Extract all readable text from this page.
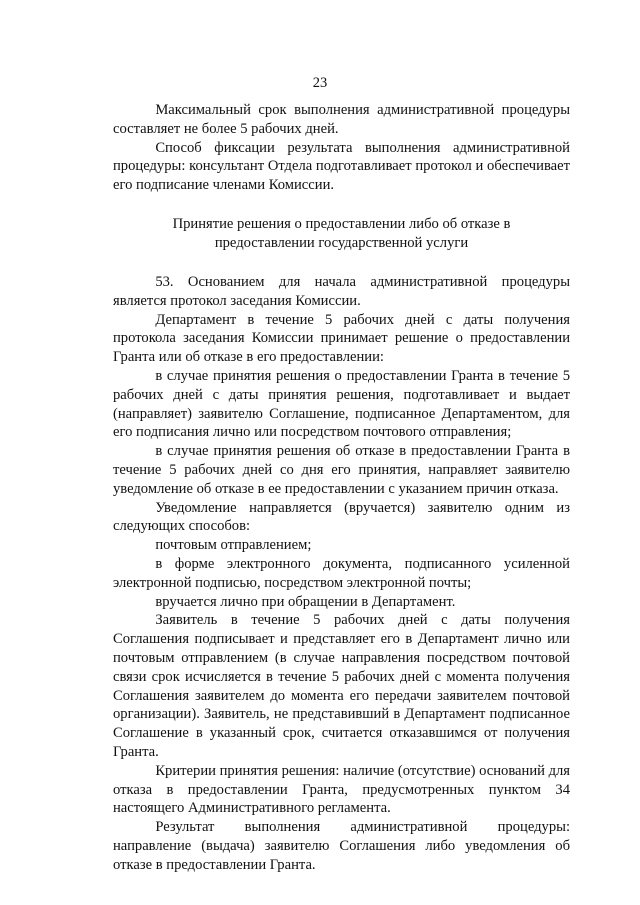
23

Максимальный срок выполнения административной процедуры составляет не более 5 рабочих дней.

Способ фиксации результата выполнения административной процедуры: консультант Отдела подготавливает протокол и обеспечивает его подписание членами Комиссии.

Принятие решения о предоставлении либо об отказе в
предоставлении государственной услуги

53. Основанием для начала административной процедуры является протокол заседания Комиссии.

Департамент в течение 5 рабочих дней с даты получения протокола заседания Комиссии принимает решение о предоставлении Гранта или об отказе в его предоставлении:

в случае принятия решения о предоставлении Гранта в течение 5 рабочих дней с даты принятия решения, подготавливает и выдает (направляет) заявителю Соглашение, подписанное Департаментом, для его подписания лично или посредством почтового отправления;

в случае принятия решения об отказе в предоставлении Гранта в течение 5 рабочих дней со дня его принятия, направляет заявителю уведомление об отказе в ее предоставлении с указанием причин отказа.

Уведомление направляется (вручается) заявителю одним из следующих способов:

почтовым отправлением;

в форме электронного документа, подписанного усиленной электронной подписью, посредством электронной почты;

вручается лично при обращении в Департамент.

Заявитель в течение 5 рабочих дней с даты получения Соглашения подписывает и представляет его в Департамент лично или почтовым отправлением (в случае направления посредством почтовой связи срок исчисляется в течение 5 рабочих дней с момента получения Соглашения заявителем до момента его передачи заявителем почтовой организации). Заявитель, не представивший в Департамент подписанное Соглашение в указанный срок, считается отказавшимся от получения Гранта.

Критерии принятия решения: наличие (отсутствие) оснований для отказа в предоставлении Гранта, предусмотренных пунктом 34 настоящего Административного регламента.

Результат выполнения административной процедуры: направление (выдача) заявителю Соглашения либо уведомления об отказе в предоставлении Гранта.
